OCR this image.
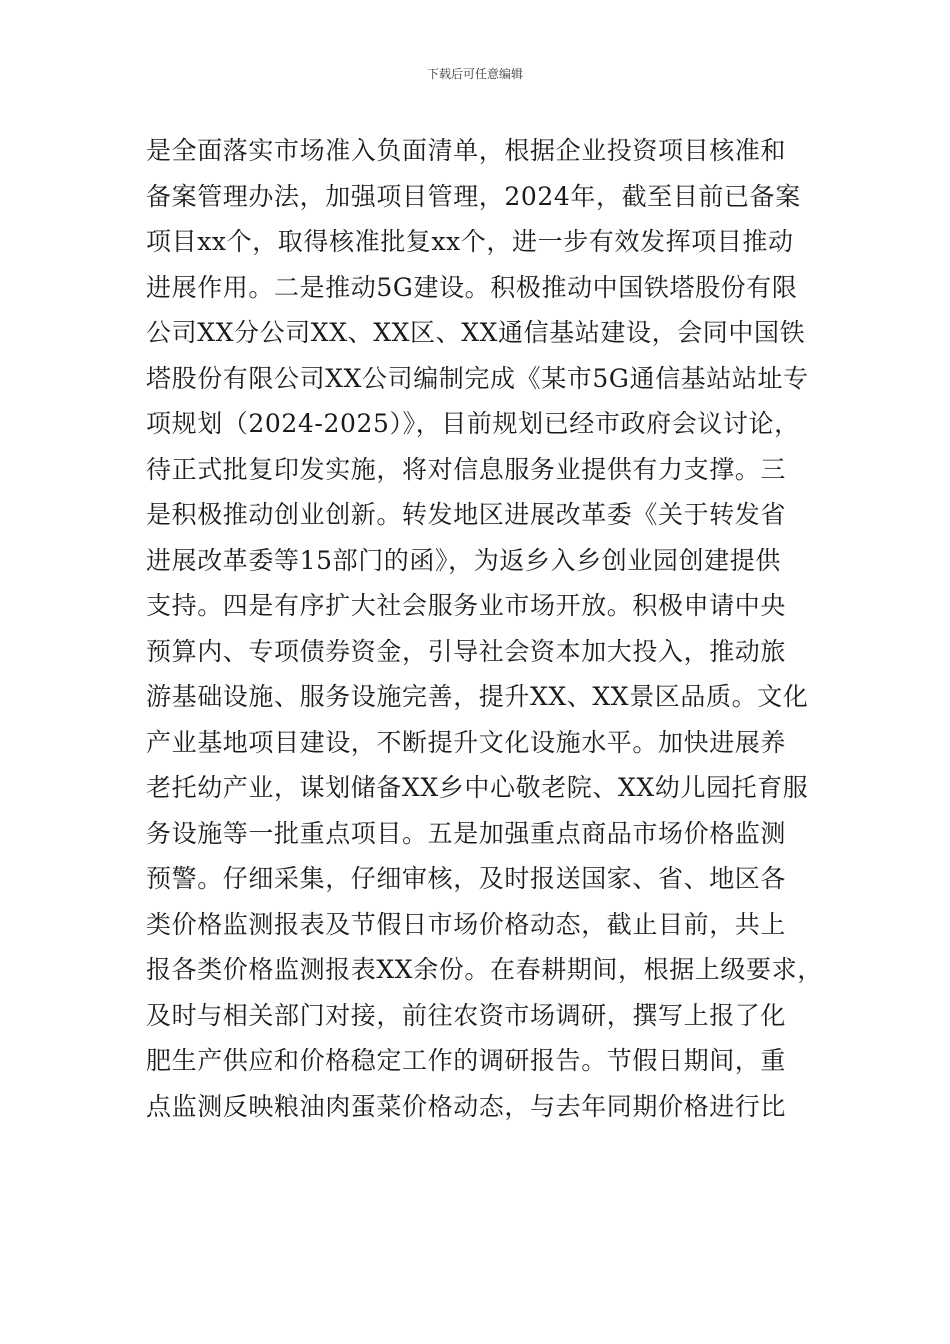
下载后可任意编辑
是全面落实市场准入负面清单，根据企业投资项目核准和
备案管理办法，加强项目管理，2024年，截至目前已备案
项目xx个，取得核准批复xx个，进一步有效发挥项目推动
进展作用。二是推动5G建设。积极推动中国铁塔股份有限
公司XX分公司XX、XX区、XX通信基站建设，会同中国铁
塔股份有限公司XX公司编制完成《某市5G通信基站站址专
项规划（2024-2025）》，目前规划已经市政府会议讨论，
待正式批复印发实施，将对信息服务业提供有力支撑。三
是积极推动创业创新。转发地区进展改革委《关于转发省
进展改革委等15部门的函》，为返乡入乡创业园创建提供
支持。四是有序扩大社会服务业市场开放。积极申请中央
预算内、专项债券资金，引导社会资本加大投入，推动旅
游基础设施、服务设施完善，提升XX、XX景区品质。文化
产业基地项目建设，不断提升文化设施水平。加快进展养
老托幼产业，谋划储备XX乡中心敬老院、XX幼儿园托育服
务设施等一批重点项目。五是加强重点商品市场价格监测
预警。仔细采集，仔细审核，及时报送国家、省、地区各
类价格监测报表及节假日市场价格动态，截止目前，共上
报各类价格监测报表XX余份。在春耕期间，根据上级要求，
及时与相关部门对接，前往农资市场调研，撰写上报了化
肥生产供应和价格稳定工作的调研报告。节假日期间，重
点监测反映粮油肉蛋菜价格动态，与去年同期价格进行比
